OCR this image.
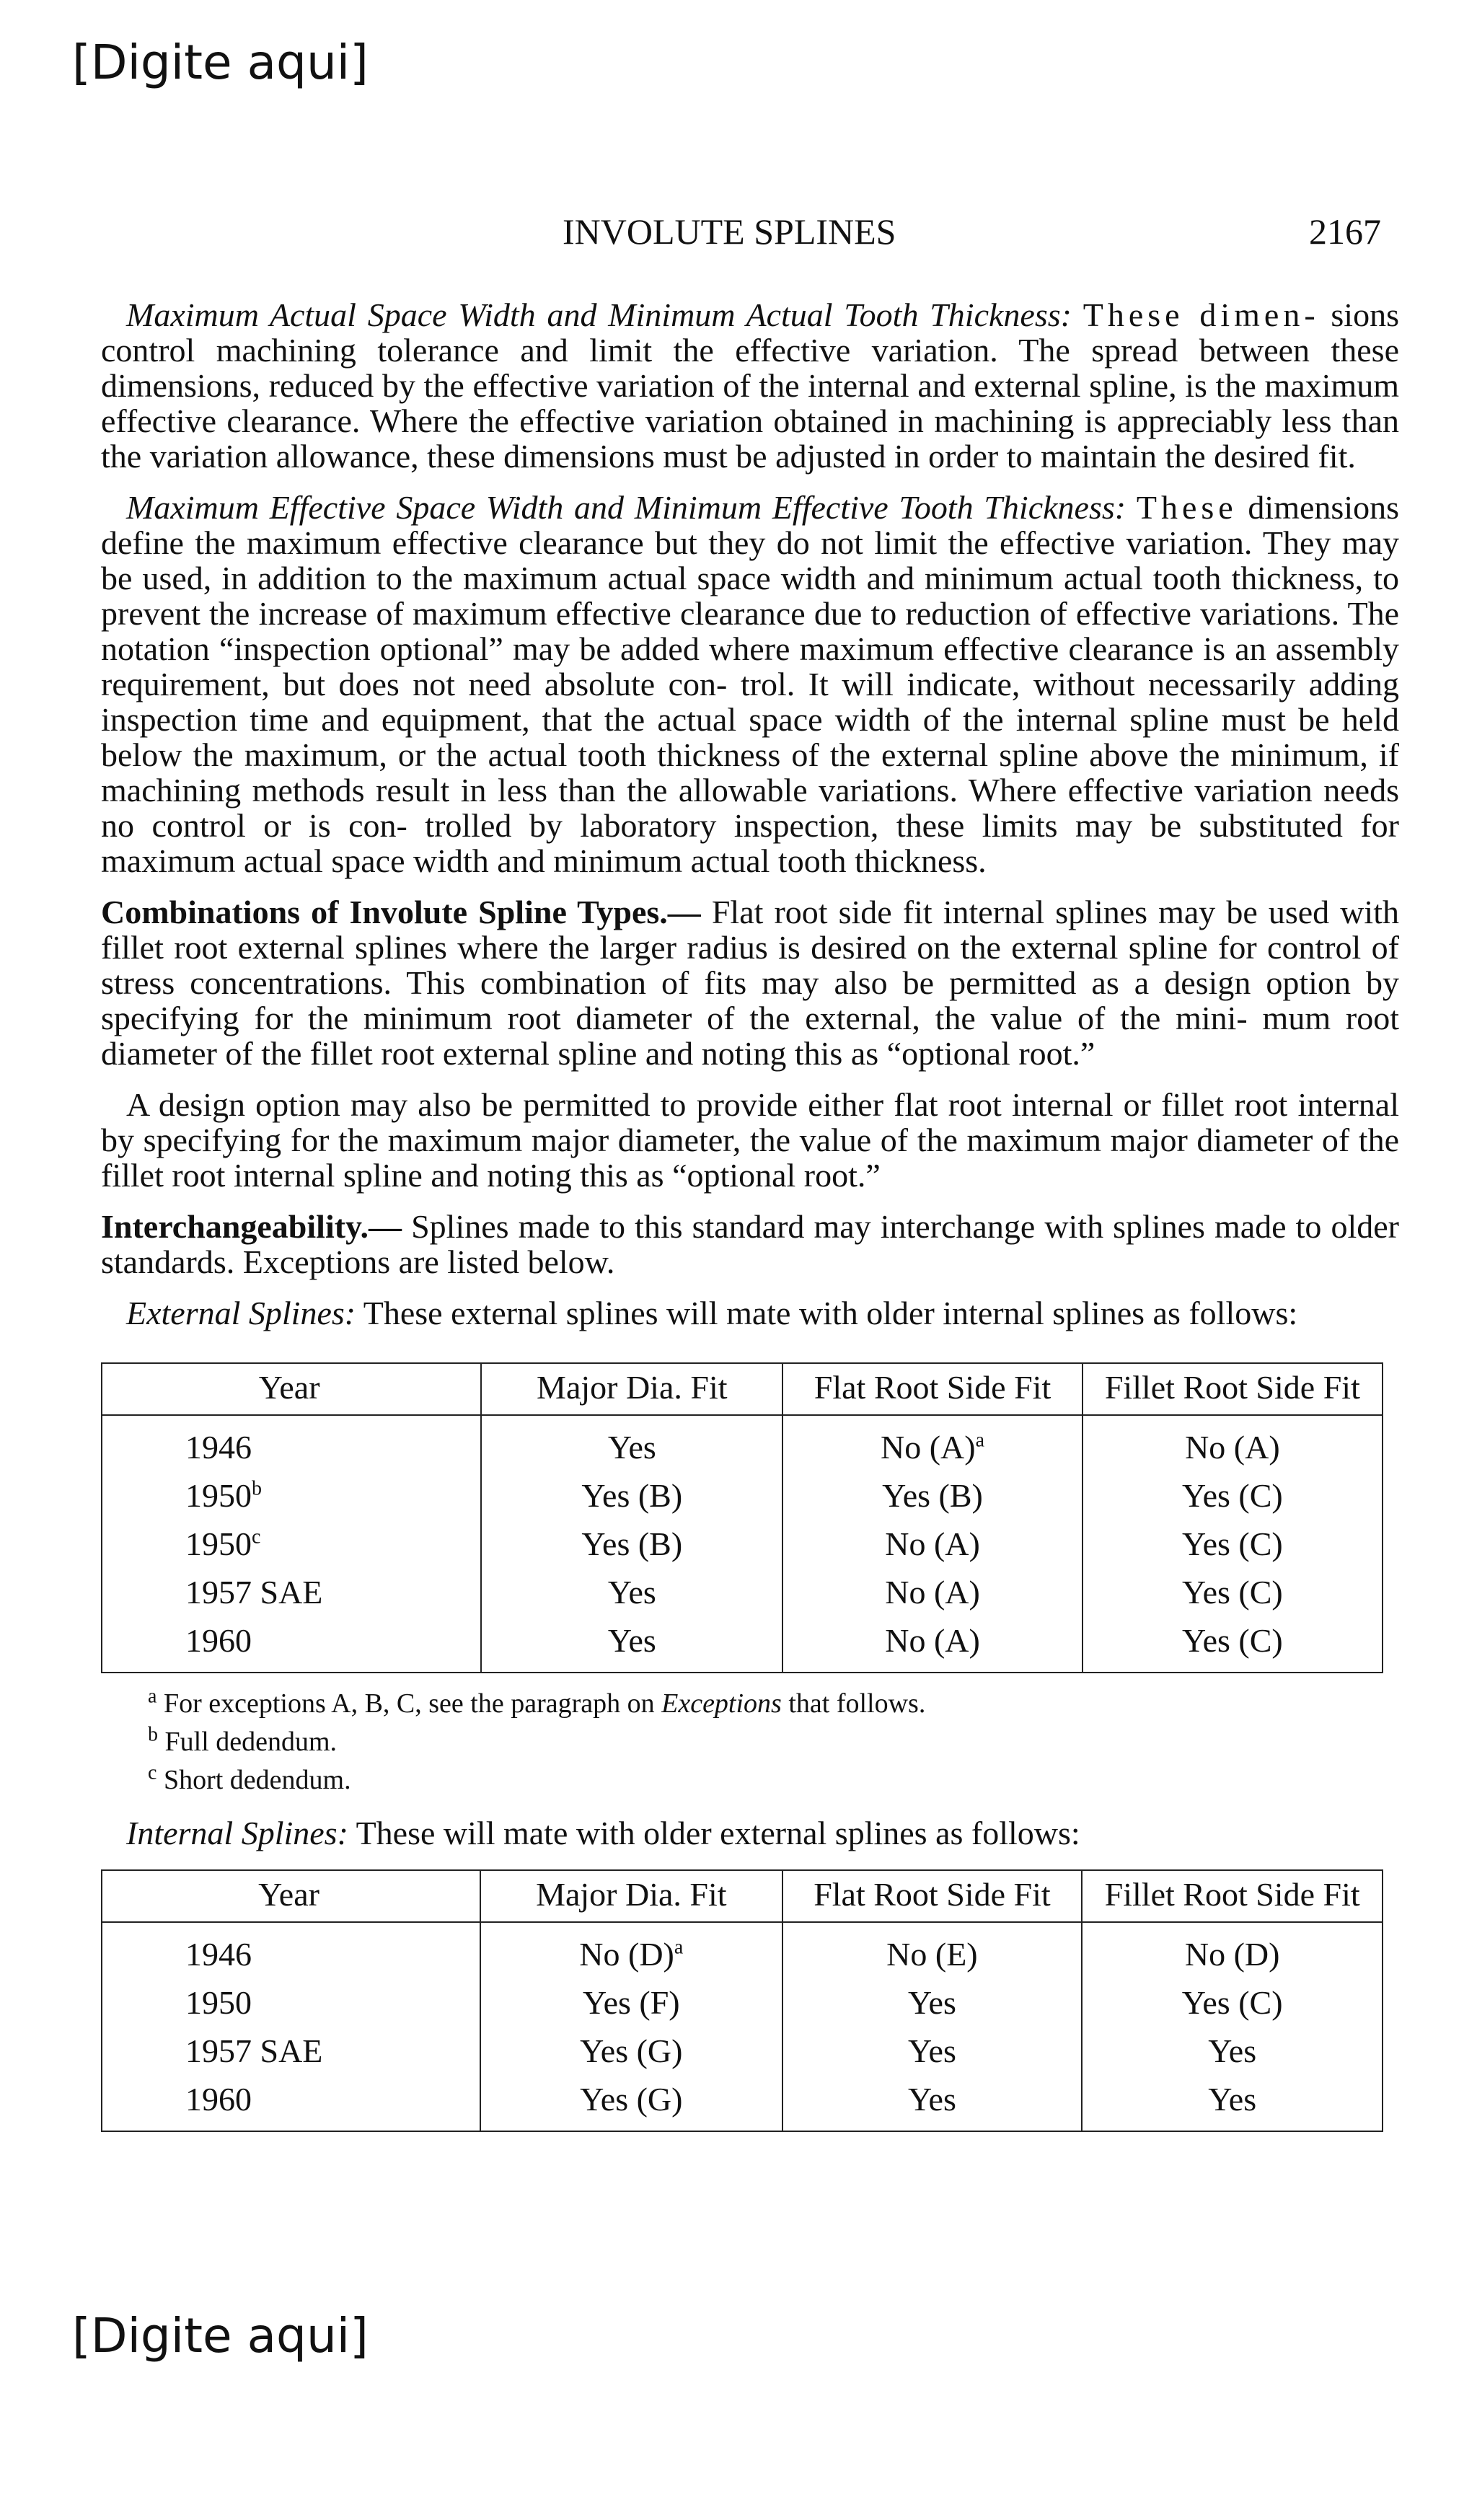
[Digite aqui]
INVOLUTE SPLINES	2167

Maximum Actual Space Width and Minimum Actual Tooth Thickness: These dimen- sions control machining tolerance and limit the effective variation. The spread between these dimensions, reduced by the effective variation of the internal and external spline, is the maximum effective clearance. Where the effective variation obtained in machining is appreciably less than the variation allowance, these dimensions must be adjusted in order to maintain the desired fit.

Maximum Effective Space Width and Minimum Effective Tooth Thickness: These dimensions define the maximum effective clearance but they do not limit the effective variation. They may be used, in addition to the maximum actual space width and minimum actual tooth thickness, to prevent the increase of maximum effective clearance due to reduction of effective variations. The notation “inspection optional” may be added where maximum effective clearance is an assembly requirement, but does not need absolute con- trol. It will indicate, without necessarily adding inspection time and equipment, that the actual space width of the internal spline must be held below the maximum, or the actual tooth thickness of the external spline above the minimum, if machining methods result in less than the allowable variations. Where effective variation needs no control or is con- trolled by laboratory inspection, these limits may be substituted for maximum actual space width and minimum actual tooth thickness.

Combinations of Involute Spline Types.— Flat root side fit internal splines may be used with fillet root external splines where the larger radius is desired on the external spline for control of stress concentrations. This combination of fits may also be permitted as a design option by specifying for the minimum root diameter of the external, the value of the mini- mum root diameter of the fillet root external spline and noting this as “optional root.”

A design option may also be permitted to provide either flat root internal or fillet root internal by specifying for the maximum major diameter, the value of the maximum major diameter of the fillet root internal spline and noting this as “optional root.”

Interchangeability.— Splines made to this standard may interchange with splines made to older standards. Exceptions are listed below.

External Splines: These external splines will mate with older internal splines as follows:

Year	Major Dia. Fit	Flat Root Side Fit	Fillet Root Side Fit
1946	Yes	No $(A)^a$	No (A)
1950$^b$	Yes (B)	Yes (B)	Yes (C)
1950$^c$	Yes (B)	No (A)	Yes (C)
1957 SAE	Yes	No (A)	Yes (C)
1960	Yes	No (A)	Yes (C)
$^a$ For exceptions A, B, C, see the paragraph on Exceptions that follows.
$^b$ Full dedendum.
$^c$ Short dedendum.

Internal Splines: These will mate with older external splines as follows:

Year	Major Dia. Fit	Flat Root Side Fit	Fillet Root Side Fit
1946	No $(D)^a$	No (E)	No (D)
1950	Yes (F)	Yes	Yes (C)
1957 SAE	Yes (G)	Yes	Yes
1960	Yes (G)	Yes	Yes
[Digite aqui]
